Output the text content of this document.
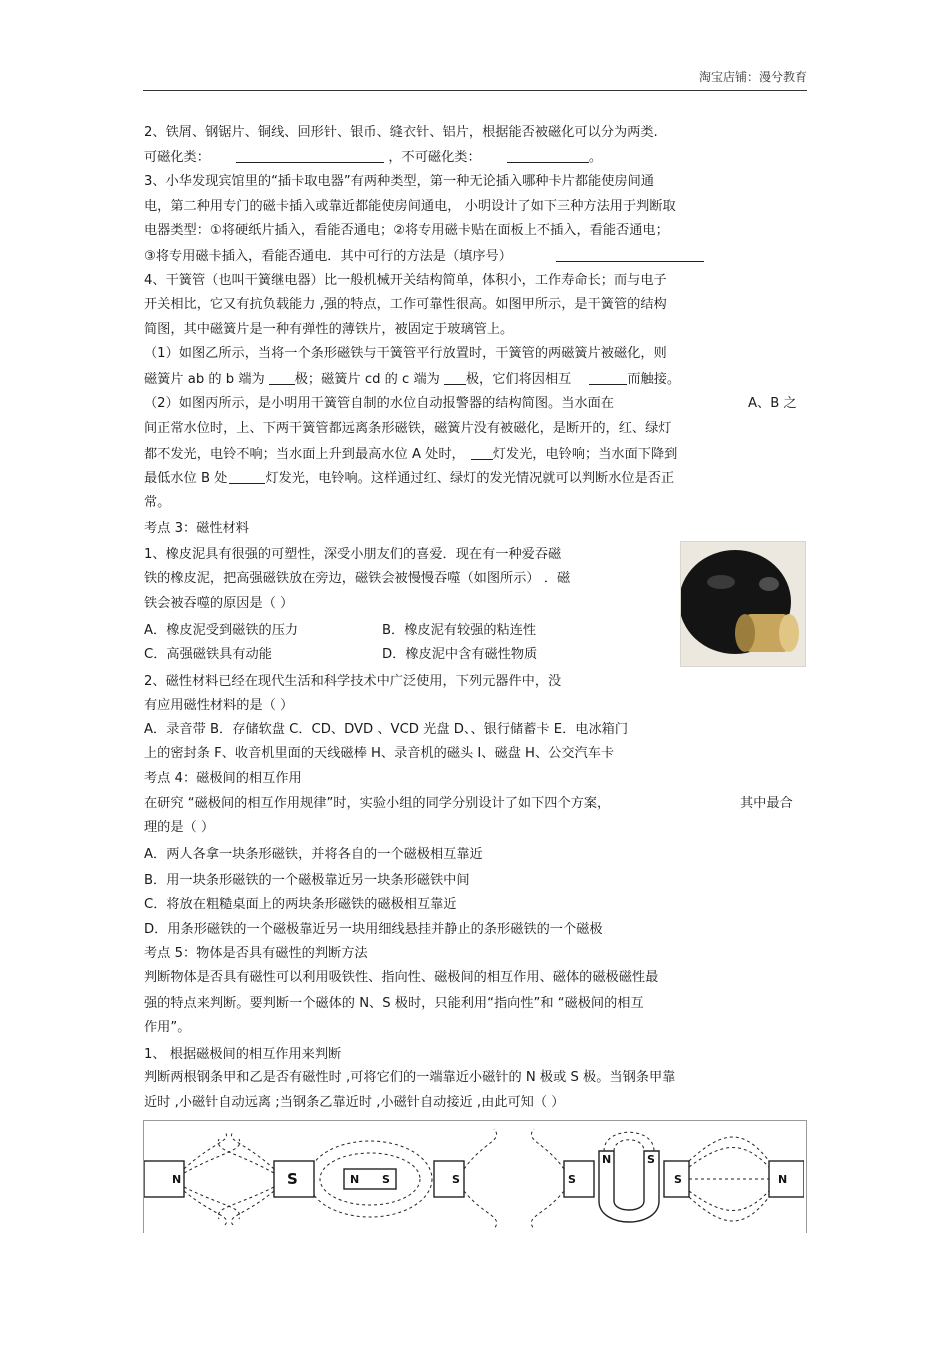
淘宝店铺：漫兮教育
2、铁屑、钢锯片、铜线、回形针、银币、缝衣针、铝片，根据能否被磁化可以分为两类.
可磁化类：	，不可磁化类：	。
3、小华发现宾馆里的“插卡取电器”有两种类型，第一种无论插入哪种卡片都能使房间通
电，第二种用专门的磁卡插入或靠近都能使房间通电， 小明设计了如下三种方法用于判断取
电器类型：①将硬纸片插入，看能否通电；②将专用磁卡贴在面板上不插入，看能否通电；
③将专用磁卡插入，看能否通电．其中可行的方法是（填序号）
4、干簧管（也叫干簧继电器）比一般机械开关结构简单，体积小，工作寿命长；而与电子
开关相比，它又有抗负载能力 ,强的特点，工作可靠性很高。如图甲所示，是干簧管的结构
简图，其中磁簧片是一种有弹性的薄铁片，被固定于玻璃管上。
（1）如图乙所示，当将一个条形磁铁与干簧管平行放置时，干簧管的两磁簧片被磁化，则
磁簧片 ab 的 b 端为 极；磁簧片 cd 的 c 端为 极，它们将因相互	而触接。
（2）如图丙所示，是小明用干簧管自制的水位自动报警器的结构简图。当水面在	A、B 之
间正常水位时，上、下两干簧管都远离条形磁铁，磁簧片没有被磁化，是断开的，红、绿灯
都不发光，电铃不响；当水面上升到最高水位 A 处时， 灯发光，电铃响；当水面下降到
最低水位 B 处	灯发光，电铃响。这样通过红、绿灯的发光情况就可以判断水位是否正
常。
考点 3：磁性材料
1、橡皮泥具有很强的可塑性，深受小朋友们的喜爱．现在有一种爱吞磁
铁的橡皮泥，把高强磁铁放在旁边，磁铁会被慢慢吞噬（如图所示） ．磁
铁会被吞噬的原因是（ ）
A．橡皮泥受到磁铁的压力	B．橡皮泥有较强的粘连性
C．高强磁铁具有动能	D．橡皮泥中含有磁性物质
2、磁性材料已经在现代生活和科学技术中广泛使用，下列元器件中，没
有应用磁性材料的是（ ）
A．录音带 B．存储软盘 C．CD、DVD 、VCD 光盘 D、、银行储蓄卡 E．电冰箱门
上的密封条 F、收音机里面的天线磁棒 H、录音机的磁头 I、磁盘 H、公交汽车卡
考点 4：磁极间的相互作用
在研究 “磁极间的相互作用规律”时，实验小组的同学分别设计了如下四个方案，	其中最合
理的是（ ）
A．两人各拿一块条形磁铁，并将各自的一个磁极相互靠近
B．用一块条形磁铁的一个磁极靠近另一块条形磁铁中间
C．将放在粗糙桌面上的两块条形磁铁的磁极相互靠近
D．用条形磁铁的一个磁极靠近另一块用细线悬挂并静止的条形磁铁的一个磁极
考点 5：物体是否具有磁性的判断方法
判断物体是否具有磁性可以利用吸铁性、指向性、磁极间的相互作用、磁体的磁极磁性最
强的特点来判断。要判断一个磁体的 N、S 极时，只能利用“指向性”和 “磁极间的相互
作用”。
1、 根据磁极间的相互作用来判断
判断两根钢条甲和乙是否有磁性时 ,可将它们的一端靠近小磁针的 N 极或 S 极。当钢条甲靠
近时 ,小磁针自动远离 ;当钢条乙靠近时 ,小磁针自动接近 ,由此可知（ ）
N	S	N S	S	S
N	S
S	N
